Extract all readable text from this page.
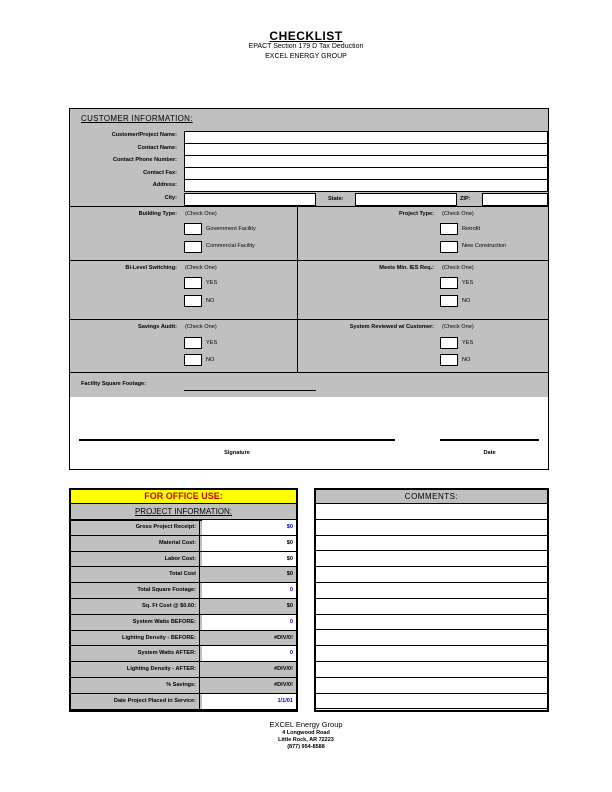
CHECKLIST
EPACT Section 179 D Tax Deduction
EXCEL ENERGY GROUP
CUSTOMER INFORMATION:
Customer/Project Name:
Contact Name:
Contact Phone Number:
Contact Fax:
Address:
City:	State:	ZIP:
Building Type: (Check One)
Government Facility
Commercial Facility
Project Type: (Check One)
Retrofit
New Construction
Bi-Level Switching: (Check One)
YES
NO
Meets Min. IES Req.: (Check One)
YES
NO
Savings Audit: (Check One)
YES
NO
System Reviewed w/ Customer: (Check One)
YES
NO
Facility Square Footage:
Signature	Date
FOR OFFICE USE:
PROJECT INFORMATION:
Gross Project Receipt:	$0
Material Cost:	$0
Labor Cost:	$0
Total Cost	$0
Total Square Footage:	0
Sq. Ft Cost @ $0.60:	$0
System Watts BEFORE:	0
Lighting Density - BEFORE:	#DIV/0!
System Watts AFTER:	0
Lighting Density - AFTER:	#DIV/0!
% Savings:	#DIV/0!
Date Project Placed in Service:	1/1/01
COMMENTS:
EXCEL Energy Group
4 Longwood Road
Little Rock, AR 72223
(877) 954-8588
